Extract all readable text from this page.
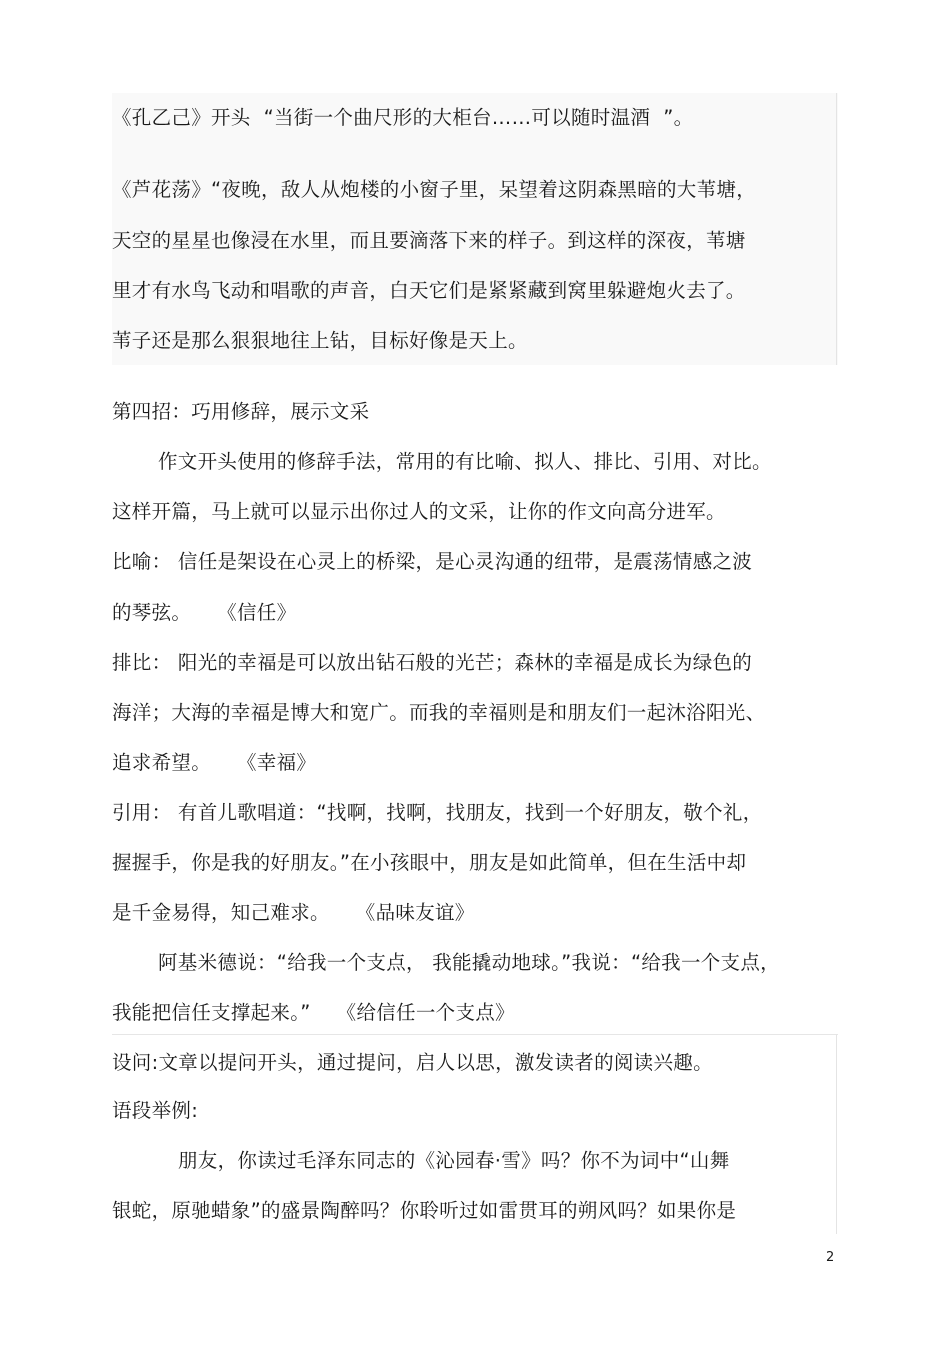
《孔乙己》开头  “当街一个曲尺形的大柜台……可以随时温酒  ”。
《芦花荡》“夜晚，敌人从炮楼的小窗子里，呆望着这阴森黑暗的大苇塘，
天空的星星也像浸在水里，而且要滴落下来的样子。到这样的深夜，苇塘
里才有水鸟飞动和唱歌的声音，白天它们是紧紧藏到窝里躲避炮火去了。
苇子还是那么狠狠地往上钻，目标好像是天上。
第四招：巧用修辞，展示文采
作文开头使用的修辞手法，常用的有比喻、拟人、排比、引用、对比。
这样开篇，马上就可以显示出你过人的文采，让你的作文向高分进军。
比喻： 信任是架设在心灵上的桥梁，是心灵沟通的纽带，是震荡情感之波
的琴弦。    《信任》
排比： 阳光的幸福是可以放出钻石般的光芒；森林的幸福是成长为绿色的
海洋；大海的幸福是博大和宽广。而我的幸福则是和朋友们一起沐浴阳光、
追求希望。    《幸福》
引用： 有首儿歌唱道：“找啊，找啊，找朋友，找到一个好朋友，敬个礼，
握握手，你是我的好朋友。”在小孩眼中，朋友是如此简单，但在生活中却
是千金易得，知己难求。    《品味友谊》
阿基米德说：“给我一个支点， 我能撬动地球。”我说：“给我一个支点，
我能把信任支撑起来。”    《给信任一个支点》
设问:文章以提问开头，通过提问，启人以思，激发读者的阅读兴趣。
语段举例:
朋友，你读过毛泽东同志的《沁园春·雪》吗？你不为词中“山舞
银蛇，原驰蜡象”的盛景陶醉吗？你聆听过如雷贯耳的朔风吗？如果你是
2
